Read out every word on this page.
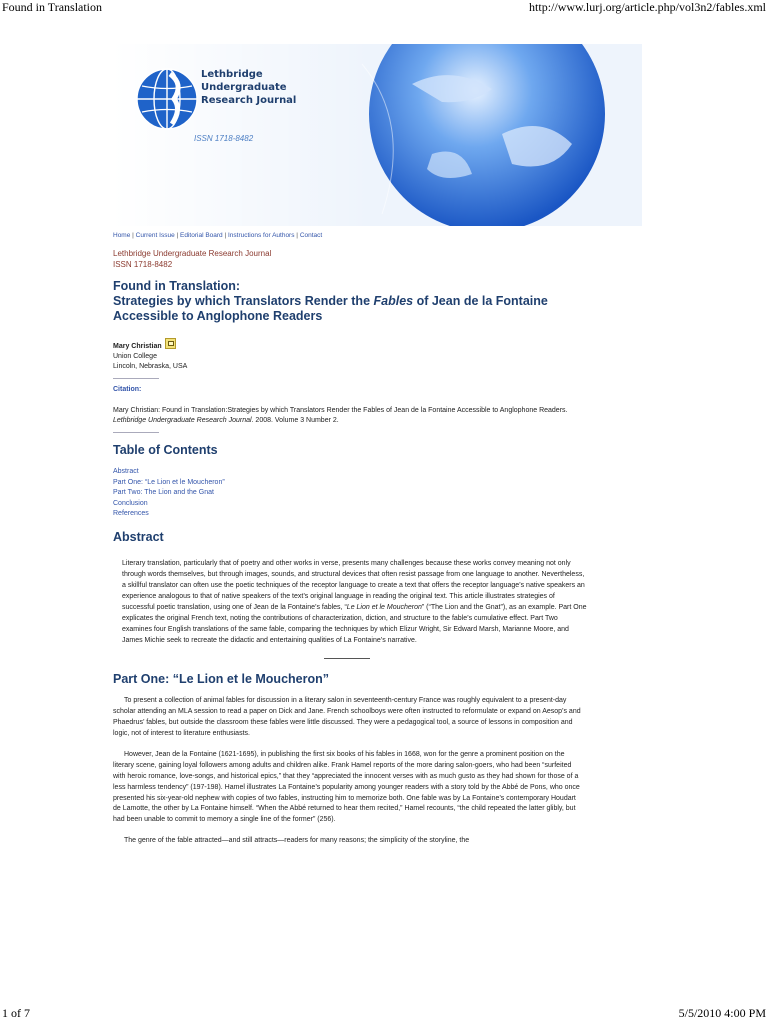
Found in Translation	http://www.lurj.org/article.php/vol3n2/fables.xml
Lethbridge
Undergraduate
Research Journal
ISSN 1718-8482
Home | Current Issue | Editorial Board | Instructions for Authors | Contact
Lethbridge Undergraduate Research Journal
ISSN 1718-8482
Found in Translation:
Strategies by which Translators Render the Fables of Jean de la Fontaine
Accessible to Anglophone Readers
Mary Christian
Union College
Lincoln, Nebraska, USA
Citation:
Mary Christian: Found in Translation:Strategies by which Translators Render the Fables of Jean de la Fontaine Accessible to Anglophone Readers. Lethbridge Undergraduate Research Journal. 2008. Volume 3 Number 2.
Table of Contents
Abstract
Part One: “Le Lion et le Moucheron”
Part Two: The Lion and the Gnat
Conclusion
References
Abstract
Literary translation, particularly that of poetry and other works in verse, presents many challenges because these works convey meaning not only through words themselves, but through images, sounds, and structural devices that often resist passage from one language to another. Nevertheless, a skillful translator can often use the poetic techniques of the receptor language to create a text that offers the receptor language’s native speakers an experience analogous to that of native speakers of the text’s original language in reading the original text. This article illustrates strategies of successful poetic translation, using one of Jean de la Fontaine’s fables, “Le Lion et le Moucheron” (“The Lion and the Gnat”), as an example. Part One explicates the original French text, noting the contributions of characterization, diction, and structure to the fable’s cumulative effect. Part Two examines four English translations of the same fable, comparing the techniques by which Elizur Wright, Sir Edward Marsh, Marianne Moore, and James Michie seek to recreate the didactic and entertaining qualities of La Fontaine’s narrative.
Part One: “Le Lion et le Moucheron”
To present a collection of animal fables for discussion in a literary salon in seventeenth-century France was roughly equivalent to a present-day scholar attending an MLA session to read a paper on Dick and Jane. French schoolboys were often instructed to reformulate or expand on Aesop’s and Phaedrus’ fables, but outside the classroom these fables were little discussed. They were a pedagogical tool, a source of lessons in composition and logic, not of interest to literature enthusiasts.
However, Jean de la Fontaine (1621-1695), in publishing the first six books of his fables in 1668, won for the genre a prominent position on the literary scene, gaining loyal followers among adults and children alike. Frank Hamel reports of the more daring salon-goers, who had been “surfeited with heroic romance, love-songs, and historical epics,” that they “appreciated the innocent verses with as much gusto as they had shown for those of a less harmless tendency” (197-198). Hamel illustrates La Fontaine’s popularity among younger readers with a story told by the Abbé de Pons, who once presented his six-year-old nephew with copies of two fables, instructing him to memorize both. One fable was by La Fontaine’s contemporary Houdart de Lamotte, the other by La Fontaine himself. “When the Abbé returned to hear them recited,” Hamel recounts, “the child repeated the latter glibly, but had been unable to commit to memory a single line of the former” (256).
The genre of the fable attracted—and still attracts—readers for many reasons; the simplicity of the storyline, the
1 of 7	5/5/2010 4:00 PM
